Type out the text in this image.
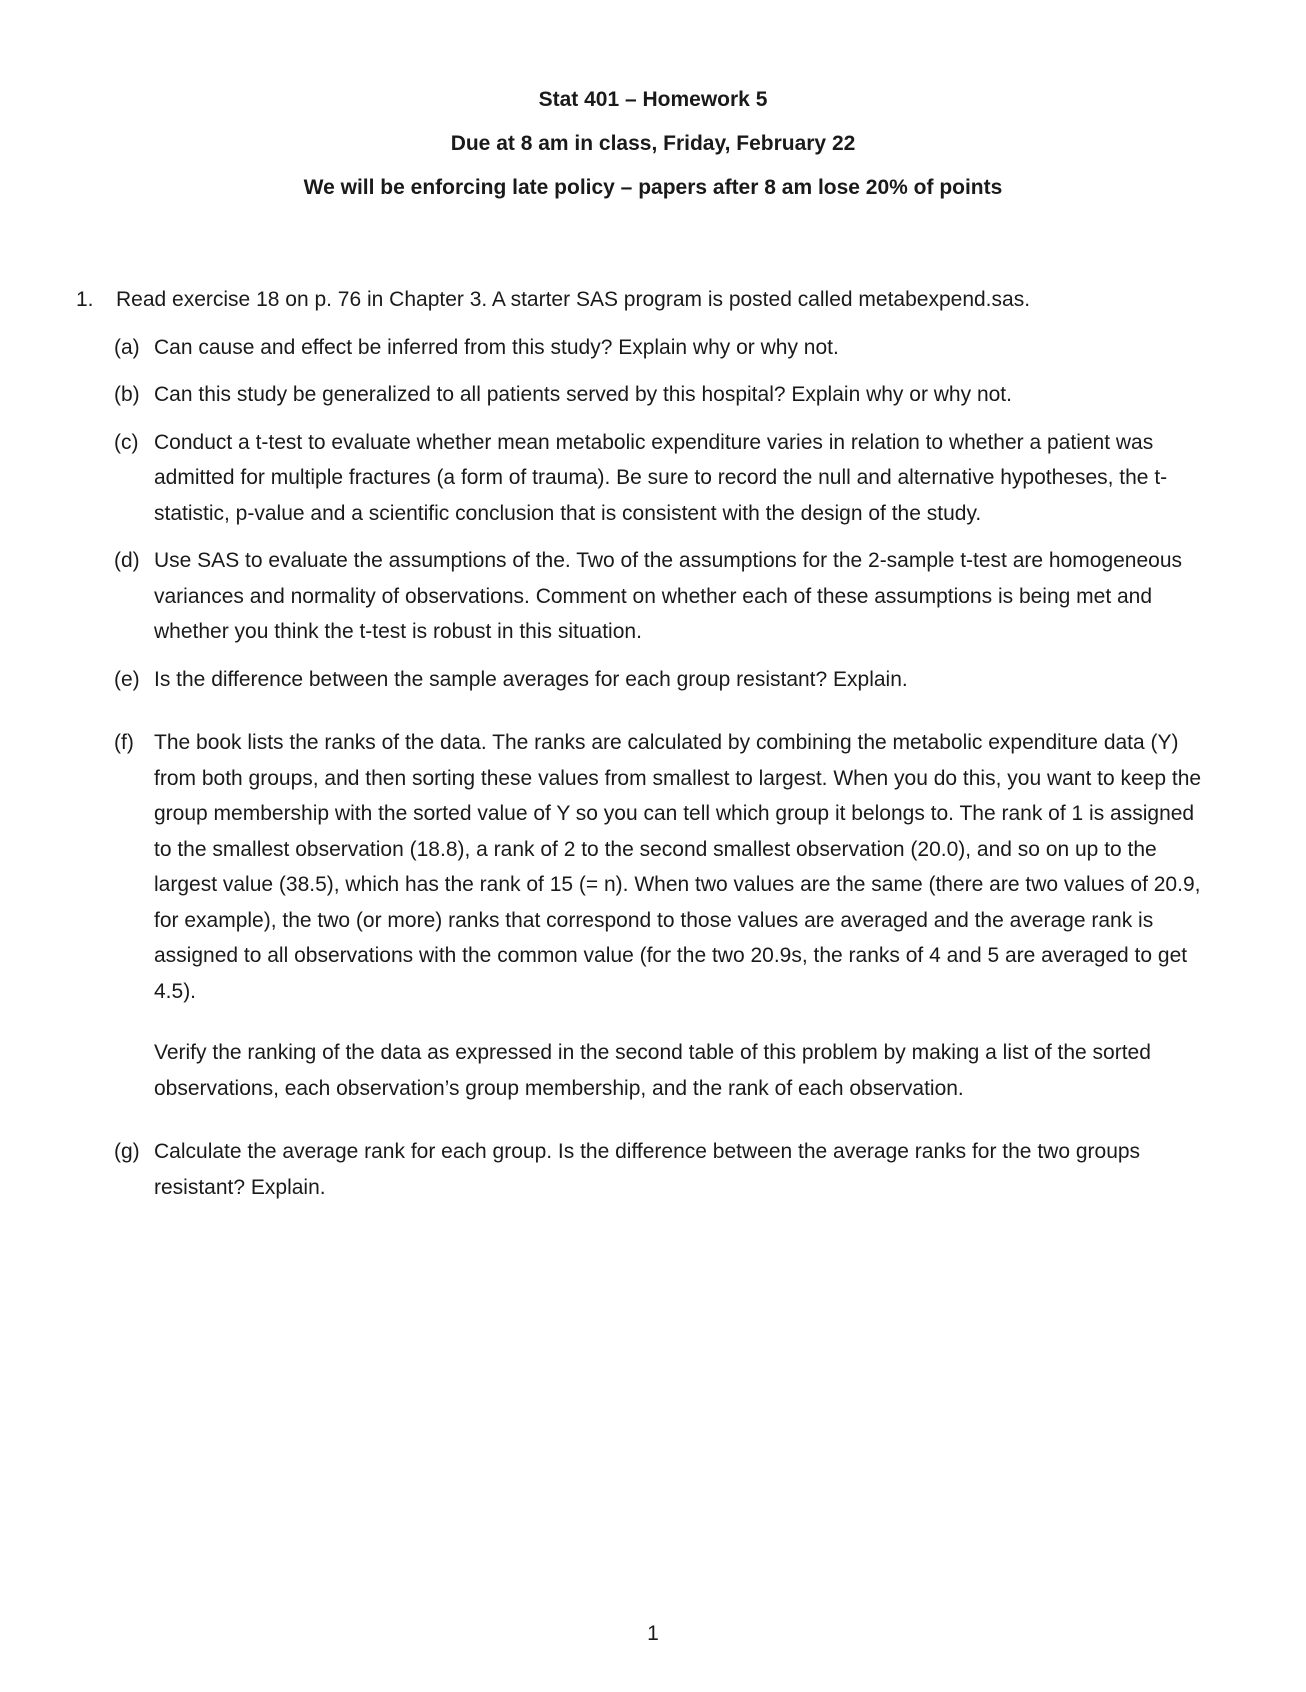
Stat 401 – Homework 5
Due at 8 am in class, Friday, February 22
We will be enforcing late policy – papers after 8 am lose 20% of points
1. Read exercise 18 on p. 76 in Chapter 3. A starter SAS program is posted called metabexpend.sas.
(a) Can cause and effect be inferred from this study? Explain why or why not.
(b) Can this study be generalized to all patients served by this hospital? Explain why or why not.
(c) Conduct a t-test to evaluate whether mean metabolic expenditure varies in relation to whether a patient was admitted for multiple fractures (a form of trauma). Be sure to record the null and alternative hypotheses, the t-statistic, p-value and a scientific conclusion that is consistent with the design of the study.
(d) Use SAS to evaluate the assumptions of the. Two of the assumptions for the 2-sample t-test are homogeneous variances and normality of observations. Comment on whether each of these assumptions is being met and whether you think the t-test is robust in this situation.
(e) Is the difference between the sample averages for each group resistant? Explain.
(f) The book lists the ranks of the data. The ranks are calculated by combining the metabolic expenditure data (Y) from both groups, and then sorting these values from smallest to largest. When you do this, you want to keep the group membership with the sorted value of Y so you can tell which group it belongs to. The rank of 1 is assigned to the smallest observation (18.8), a rank of 2 to the second smallest observation (20.0), and so on up to the largest value (38.5), which has the rank of 15 (= n). When two values are the same (there are two values of 20.9, for example), the two (or more) ranks that correspond to those values are averaged and the average rank is assigned to all observations with the common value (for the two 20.9s, the ranks of 4 and 5 are averaged to get 4.5).
Verify the ranking of the data as expressed in the second table of this problem by making a list of the sorted observations, each observation’s group membership, and the rank of each observation.
(g) Calculate the average rank for each group. Is the difference between the average ranks for the two groups resistant? Explain.
1
